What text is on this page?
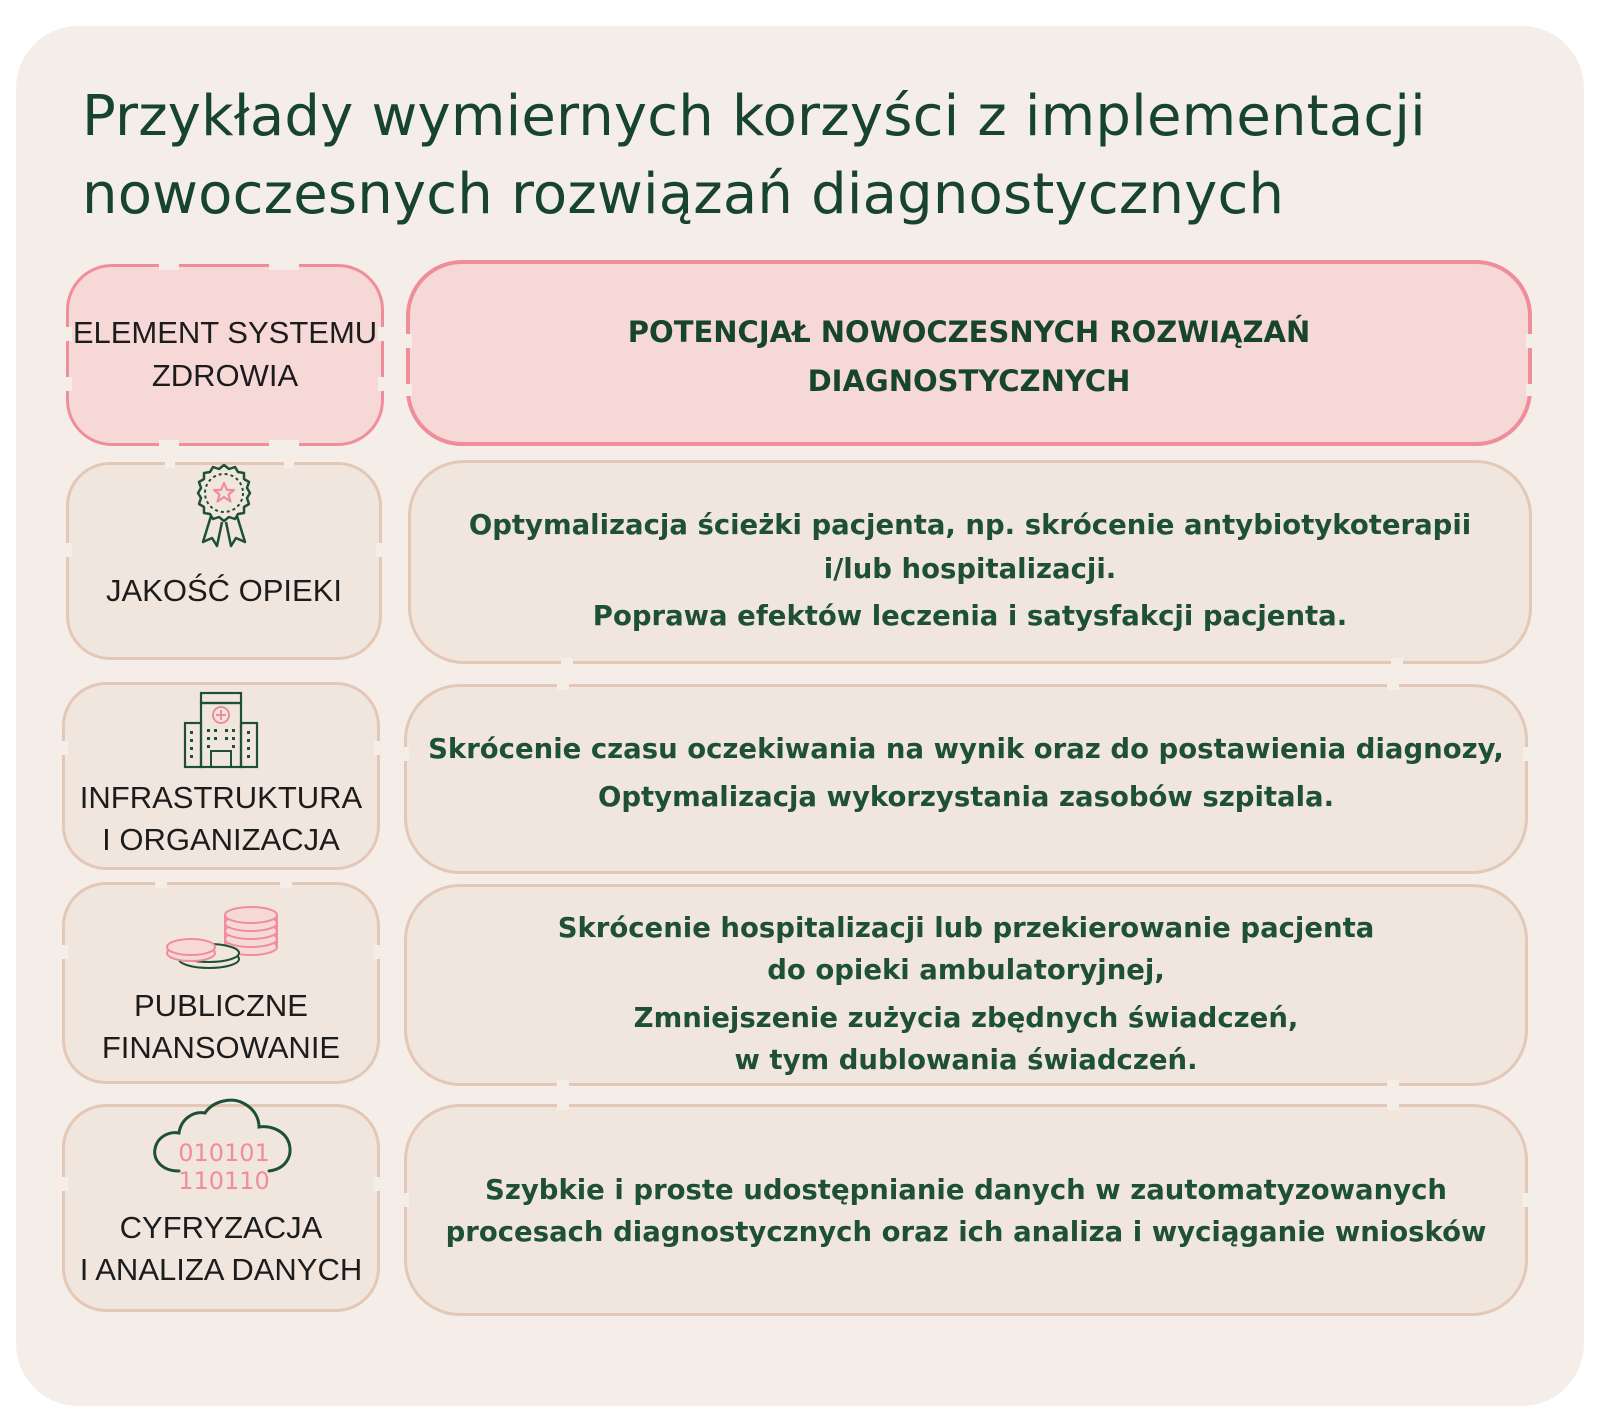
Przykłady wymiernych korzyści z implementacji
nowoczesnych rozwiązań diagnostycznych
ELEMENT SYSTEMU
ZDROWIA
POTENCJAŁ NOWOCZESNYCH ROZWIĄZAŃ
DIAGNOSTYCZNYCH
JAKOŚĆ OPIEKI
Optymalizacja ścieżki pacjenta, np. skrócenie antybiotykoterapii
i/lub hospitalizacji.
Poprawa efektów leczenia i satysfakcji pacjenta.
INFRASTRUKTURA
I ORGANIZACJA
Skrócenie czasu oczekiwania na wynik oraz do postawienia diagnozy,
Optymalizacja wykorzystania zasobów szpitala.
PUBLICZNE
FINANSOWANIE
Skrócenie hospitalizacji lub przekierowanie pacjenta
do opieki ambulatoryjnej,
Zmniejszenie zużycia zbędnych świadczeń,
w tym dublowania świadczeń.
010101
110110
CYFRYZACJA
I ANALIZA DANYCH
Szybkie i proste udostępnianie danych w zautomatyzowanych
procesach diagnostycznych oraz ich analiza i wyciąganie wniosków
